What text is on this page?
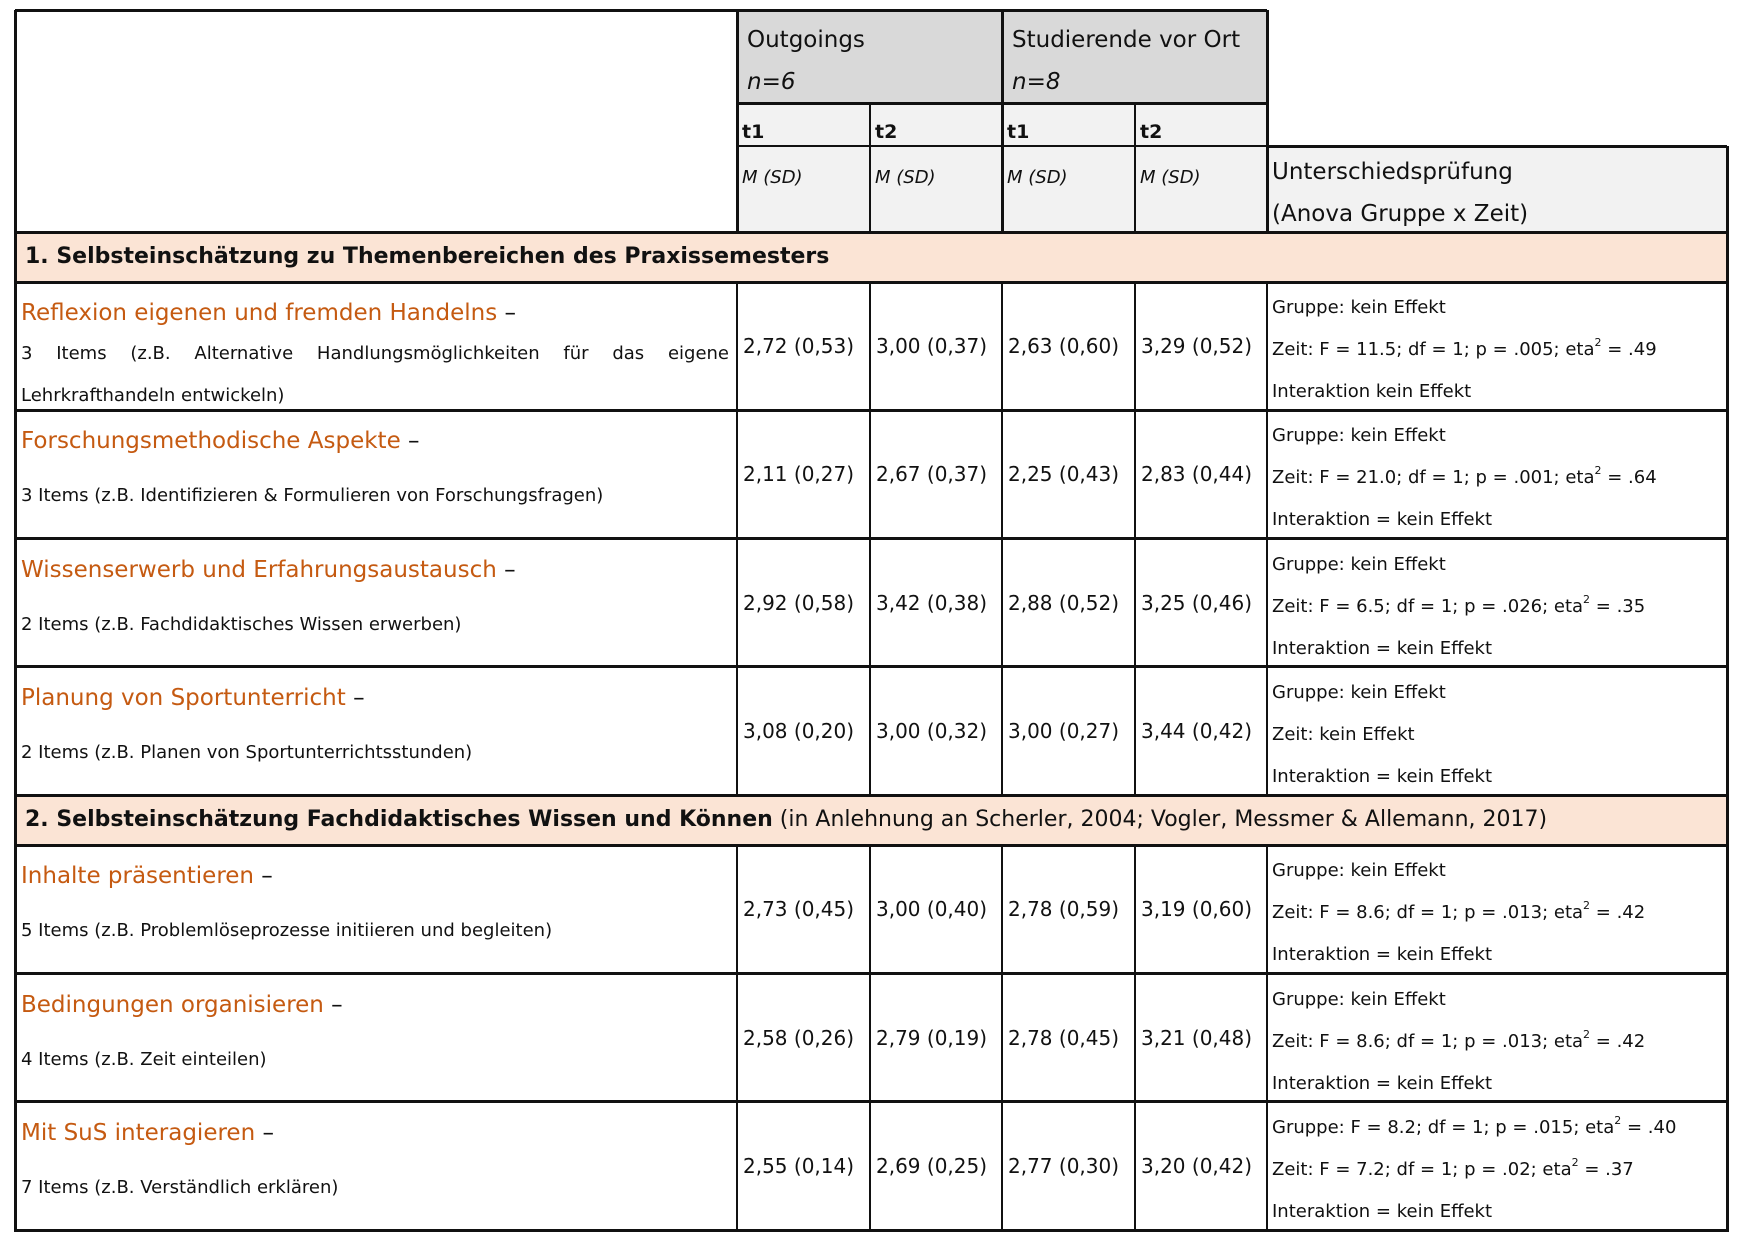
Outgoings
n=6
Studierende vor Ort
n=8
t1	t2	t1	t2
M (SD)	M (SD)	M (SD)	M (SD)	Unterschiedsprüfung
(Anova Gruppe x Zeit)
1. Selbsteinschätzung zu Themenbereichen des Praxissemesters
Reflexion eigenen und fremden Handelns –
3 Items (z.B. Alternative Handlungsmöglichkeiten für das eigene
Lehrkrafthandeln entwickeln)
2,72 (0,53) 3,00 (0,37) 2,63 (0,60) 3,29 (0,52)
Gruppe: kein Effekt
Zeit: F = 11.5; df = 1; p = .005; eta$^2$ = .49
Interaktion kein Effekt
Forschungsmethodische Aspekte –
3 Items (z.B. Identifizieren & Formulieren von Forschungsfragen)
2,11 (0,27) 2,67 (0,37) 2,25 (0,43) 2,83 (0,44)
Gruppe: kein Effekt
Zeit: F = 21.0; df = 1; p = .001; eta$^2$ = .64
Interaktion = kein Effekt
Wissenserwerb und Erfahrungsaustausch –
2 Items (z.B. Fachdidaktisches Wissen erwerben)
2,92 (0,58) 3,42 (0,38) 2,88 (0,52) 3,25 (0,46)
Gruppe: kein Effekt
Zeit: F = 6.5; df = 1; p = .026; eta$^2$ = .35
Interaktion = kein Effekt
Planung von Sportunterricht –
2 Items (z.B. Planen von Sportunterrichtsstunden)
3,08 (0,20) 3,00 (0,32) 3,00 (0,27) 3,44 (0,42)
Gruppe: kein Effekt
Zeit: kein Effekt
Interaktion = kein Effekt
2. Selbsteinschätzung Fachdidaktisches Wissen und Können (in Anlehnung an Scherler, 2004; Vogler, Messmer & Allemann, 2017)
Inhalte präsentieren –
5 Items (z.B. Problemlöseprozesse initiieren und begleiten)
2,73 (0,45) 3,00 (0,40) 2,78 (0,59) 3,19 (0,60)
Gruppe: kein Effekt
Zeit: F = 8.6; df = 1; p = .013; eta$^2$ = .42
Interaktion = kein Effekt
Bedingungen organisieren –
4 Items (z.B. Zeit einteilen)
2,58 (0,26) 2,79 (0,19) 2,78 (0,45) 3,21 (0,48)
Gruppe: kein Effekt
Zeit: F = 8.6; df = 1; p = .013; eta$^2$ = .42
Interaktion = kein Effekt
Mit SuS interagieren –
7 Items (z.B. Verständlich erklären)
2,55 (0,14) 2,69 (0,25) 2,77 (0,30) 3,20 (0,42)
Gruppe: F = 8.2; df = 1; p = .015; eta$^2$ = .40
Zeit: F = 7.2; df = 1; p = .02; eta$^2$ = .37
Interaktion = kein Effekt
